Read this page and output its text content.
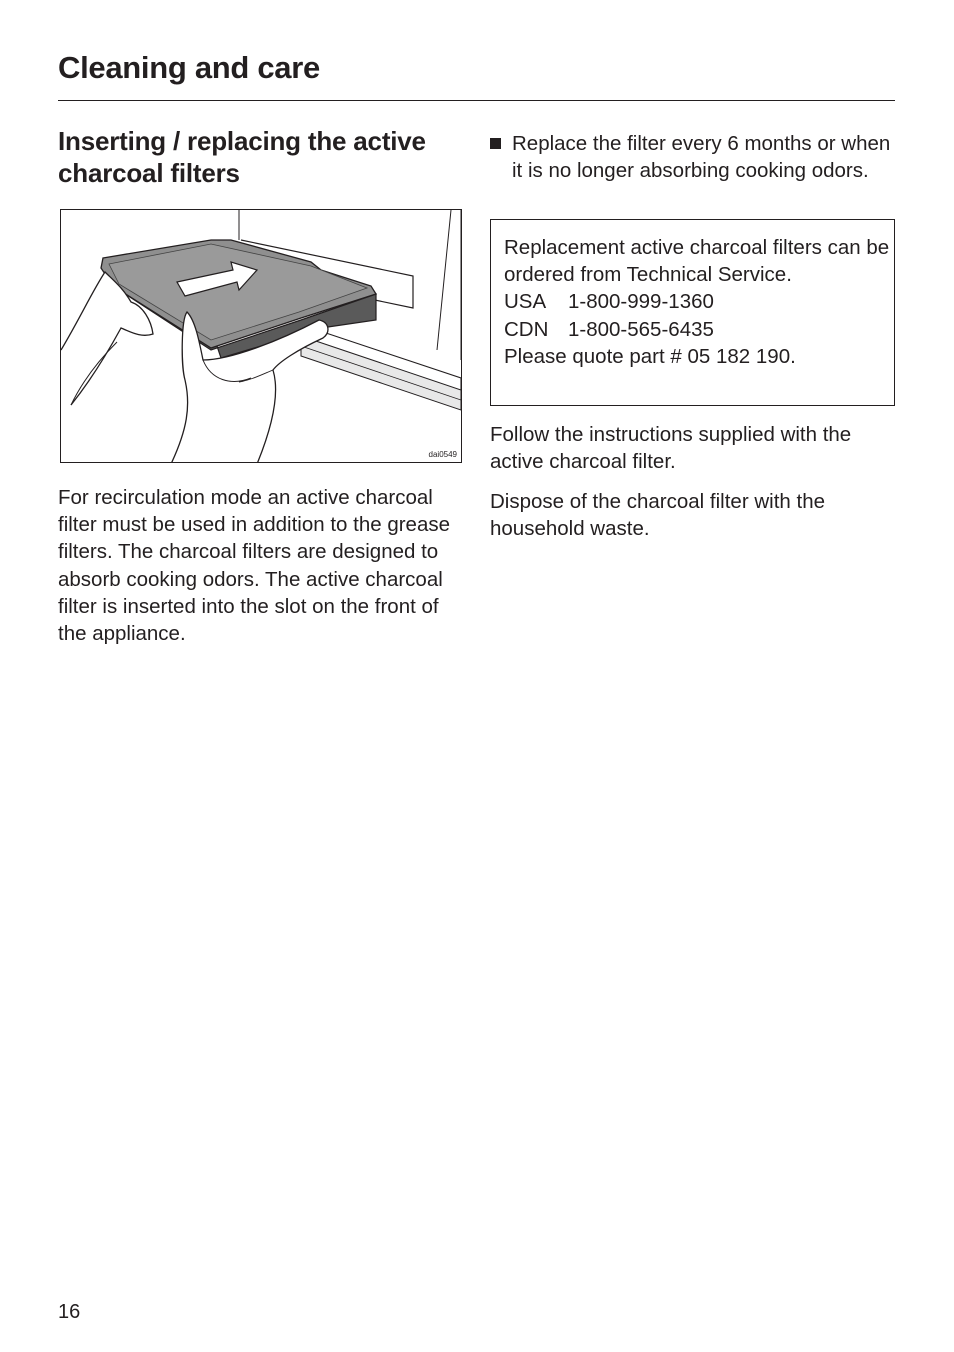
Cleaning and care
Inserting / replacing the active charcoal filters
dai0549

For recirculation mode an active charcoal filter must be used in addition to the grease filters. The charcoal filters are designed to absorb cooking odors. The active charcoal filter is inserted into the slot on the front of the appliance.

Replace the filter every 6 months or when it is no longer absorbing cooking odors.

Replacement active charcoal filters can be ordered from Technical Service.

USA	1-800-999-1360
CDN 1-800-565-6435

Please quote part # 05 182 190.

Follow the instructions supplied with the active charcoal filter.

Dispose of the charcoal filter with the household waste.

16
